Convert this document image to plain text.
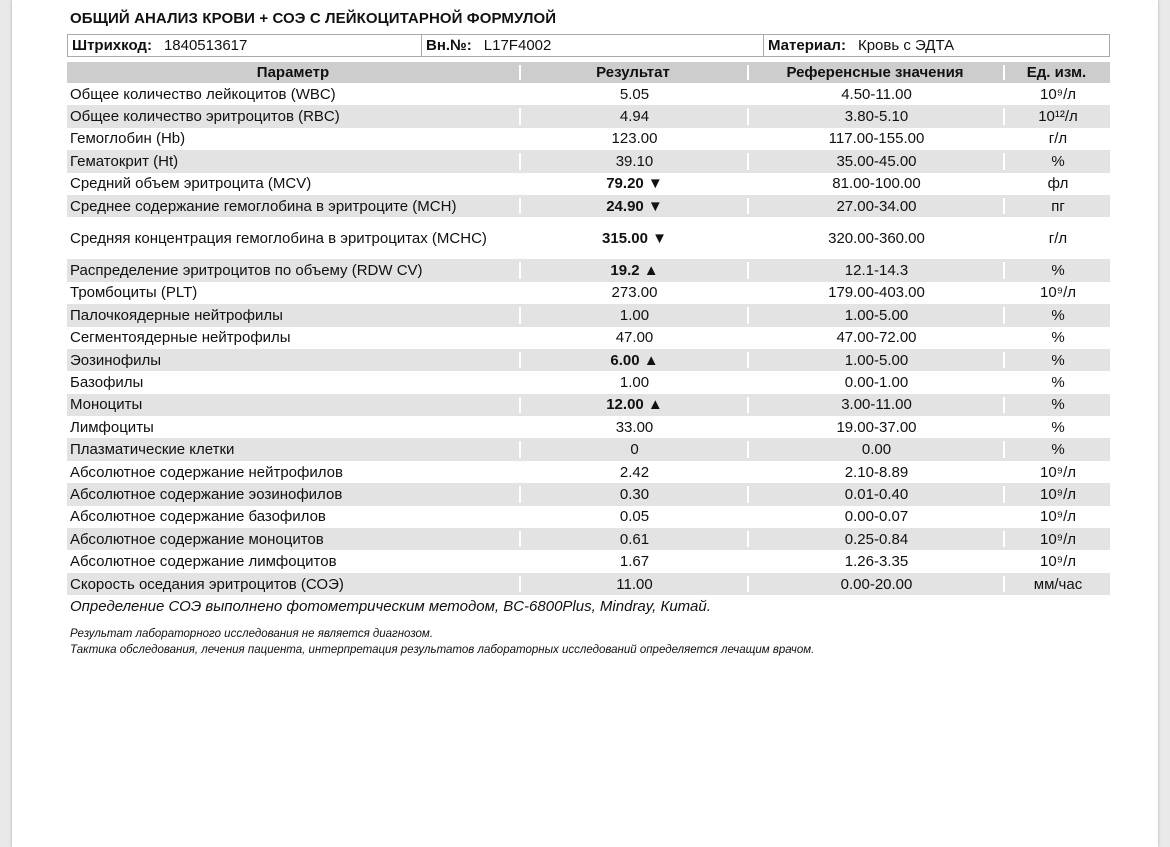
ОБЩИЙ АНАЛИЗ КРОВИ + СОЭ С ЛЕЙКОЦИТАРНОЙ ФОРМУЛОЙ
Штрихкод: 1840513617	Вн.№: L17F4002	Материал: Кровь с ЭДТА
Параметр	Результат	Референсные значения	Ед. изм.
Общее количество лейкоцитов (WBC)	5.05	4.50-11.00	10⁹/л
Общее количество эритроцитов (RBC)	4.94	3.80-5.10	10¹²/л
Гемоглобин (Hb)	123.00	117.00-155.00	г/л
Гематокрит (Ht)	39.10	35.00-45.00	%
Средний объем эритроцита (MCV)	79.20 ▼	81.00-100.00	фл
Среднее содержание гемоглобина в эритроците (MCH)	24.90 ▼	27.00-34.00	пг
Средняя концентрация гемоглобина в эритроцитах (MCHC)	315.00 ▼	320.00-360.00	г/л
Распределение эритроцитов по объему (RDW CV)	19.2 ▲	12.1-14.3	%
Тромбоциты (PLT)	273.00	179.00-403.00	10⁹/л
Палочкоядерные нейтрофилы	1.00	1.00-5.00	%
Сегментоядерные нейтрофилы	47.00	47.00-72.00	%
Эозинофилы	6.00 ▲	1.00-5.00	%
Базофилы	1.00	0.00-1.00	%
Моноциты	12.00 ▲	3.00-11.00	%
Лимфоциты	33.00	19.00-37.00	%
Плазматические клетки	0	0.00	%
Абсолютное содержание нейтрофилов	2.42	2.10-8.89	10⁹/л
Абсолютное содержание эозинофилов	0.30	0.01-0.40	10⁹/л
Абсолютное содержание базофилов	0.05	0.00-0.07	10⁹/л
Абсолютное содержание моноцитов	0.61	0.25-0.84	10⁹/л
Абсолютное содержание лимфоцитов	1.67	1.26-3.35	10⁹/л
Скорость оседания эритроцитов (СОЭ)	11.00	0.00-20.00	мм/час
Определение СОЭ выполнено фотометрическим методом, BC-6800Plus, Mindray, Китай.
Результат лабораторного исследования не является диагнозом.
Тактика обследования, лечения пациента, интерпретация результатов лабораторных исследований определяется лечащим врачом.
